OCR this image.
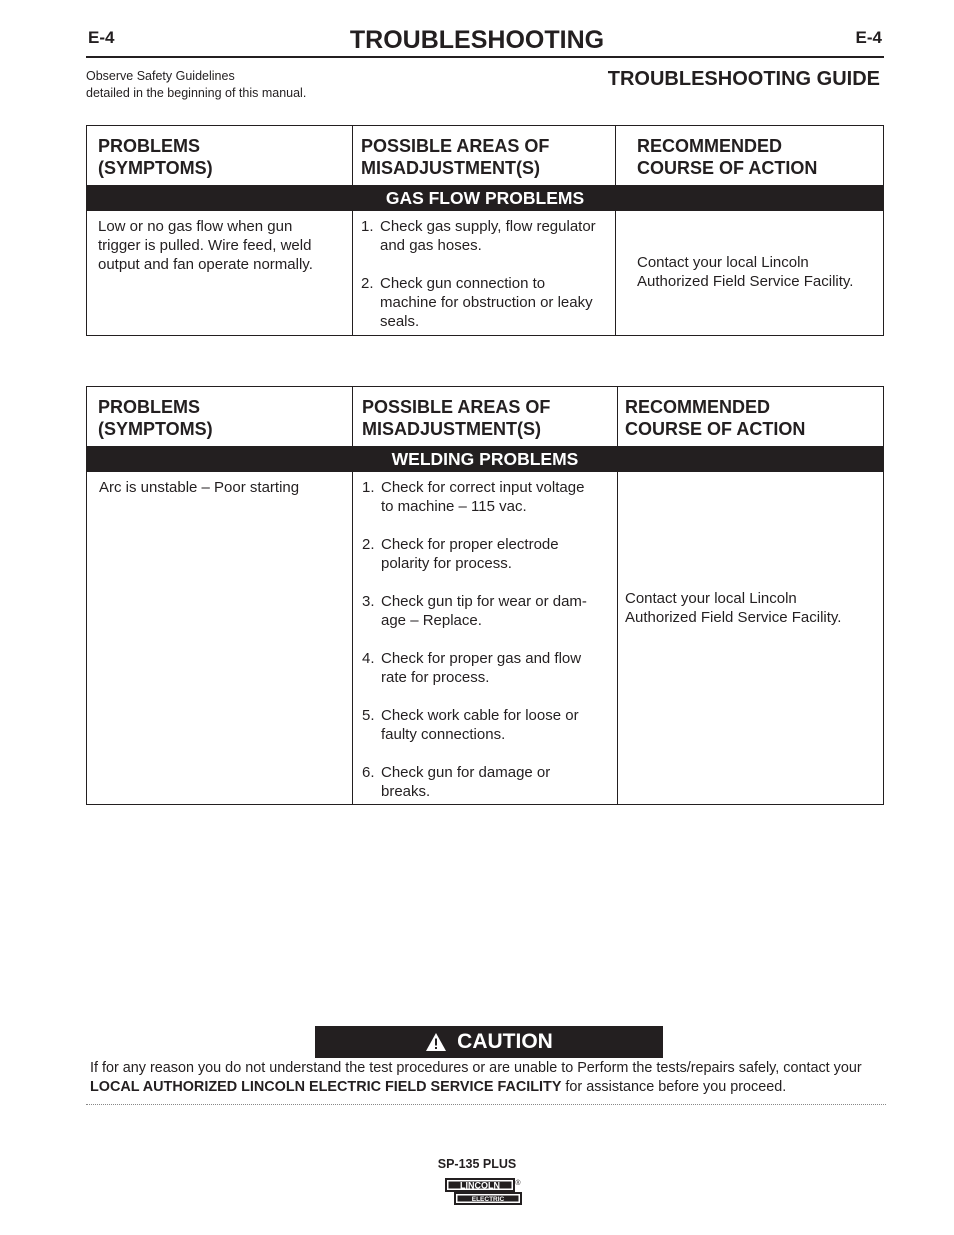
E-4	E-4
TROUBLESHOOTING
Observe Safety Guidelines
detailed in the beginning of this manual.
TROUBLESHOOTING GUIDE
PROBLEMS
(SYMPTOMS)
POSSIBLE AREAS OF
MISADJUSTMENT(S)
RECOMMENDED
COURSE OF ACTION
GAS FLOW PROBLEMS
Low or no gas flow when gun
trigger is pulled. Wire feed, weld
output and fan operate normally.
1. Check gas supply, flow regulator
and gas hoses.
2. Check gun connection to
machine for obstruction or leaky
seals.
Contact your local Lincoln
Authorized Field Service Facility.
PROBLEMS
(SYMPTOMS)
POSSIBLE AREAS OF
MISADJUSTMENT(S)
RECOMMENDED
COURSE OF ACTION
WELDING PROBLEMS
Arc is unstable – Poor starting	1. Check for correct input voltage
to machine – 115 vac.
2. Check for proper electrode
polarity for process.
3. Check gun tip for wear or dam-
age – Replace.
4. Check for proper gas and flow
rate for process.
5. Check work cable for loose or
faulty connections.
6. Check gun for damage or
breaks.
Contact your local Lincoln
Authorized Field Service Facility.
CAUTION
If for any reason you do not understand the test procedures or are unable to Perform the tests/repairs safely, contact your
LOCAL AUTHORIZED LINCOLN ELECTRIC FIELD SERVICE FACILITY for assistance before you proceed.
SP-135 PLUS
LINCOLN ®
ELECTRIC
